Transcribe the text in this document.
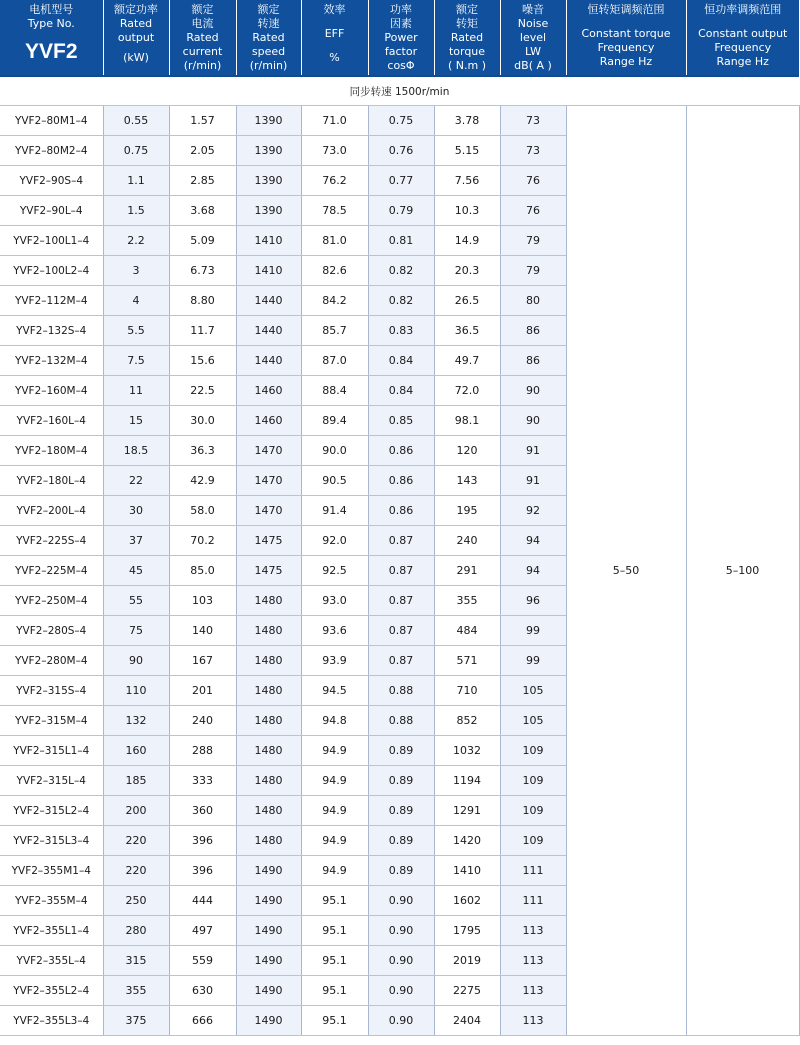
电机型号
Type No.
YVF2	额定功率
Rated
output
(kW)	额定
电流
Rated
current
(r/min)	额定
转速
Rated
speed
(r/min)	效率
EFF
%	功率
因素
Power
factor
cosΦ	额定
转矩
Rated
torque
( N.m )	噪音
Noise
level
LW
dB( A )	恒转矩调频范围
Constant torque
Frequency
Range Hz	恒功率调频范围
Constant output
Frequency
Range Hz

同步转速 1500r/min									
YVF2–80M1–4	0.55	1.57	1390	71.0	0.75	3.78	73	5–50	5–100
YVF2–80M2–4	0.75	2.05	1390	73.0	0.76	5.15	73		
YVF2–90S–4	1.1	2.85	1390	76.2	0.77	7.56	76		
YVF2–90L–4	1.5	3.68	1390	78.5	0.79	10.3	76		
YVF2–100L1–4	2.2	5.09	1410	81.0	0.81	14.9	79		
YVF2–100L2–4	3	6.73	1410	82.6	0.82	20.3	79		
YVF2–112M–4	4	8.80	1440	84.2	0.82	26.5	80		
YVF2–132S–4	5.5	11.7	1440	85.7	0.83	36.5	86		
YVF2–132M–4	7.5	15.6	1440	87.0	0.84	49.7	86		
YVF2–160M–4	11	22.5	1460	88.4	0.84	72.0	90		
YVF2–160L–4	15	30.0	1460	89.4	0.85	98.1	90		
YVF2–180M–4	18.5	36.3	1470	90.0	0.86	120	91		
YVF2–180L–4	22	42.9	1470	90.5	0.86	143	91		
YVF2–200L–4	30	58.0	1470	91.4	0.86	195	92		
YVF2–225S–4	37	70.2	1475	92.0	0.87	240	94		
YVF2–225M–4	45	85.0	1475	92.5	0.87	291	94		
YVF2–250M–4	55	103	1480	93.0	0.87	355	96		
YVF2–280S–4	75	140	1480	93.6	0.87	484	99		
YVF2–280M–4	90	167	1480	93.9	0.87	571	99		
YVF2–315S–4	110	201	1480	94.5	0.88	710	105		
YVF2–315M–4	132	240	1480	94.8	0.88	852	105		
YVF2–315L1–4	160	288	1480	94.9	0.89	1032	109		
YVF2–315L–4	185	333	1480	94.9	0.89	1194	109		
YVF2–315L2–4	200	360	1480	94.9	0.89	1291	109		
YVF2–315L3–4	220	396	1480	94.9	0.89	1420	109		
YVF2–355M1–4	220	396	1490	94.9	0.89	1410	111		
YVF2–355M–4	250	444	1490	95.1	0.90	1602	111		
YVF2–355L1–4	280	497	1490	95.1	0.90	1795	113		
YVF2–355L–4	315	559	1490	95.1	0.90	2019	113		
YVF2–355L2–4	355	630	1490	95.1	0.90	2275	113		
YVF2–355L3–4	375	666	1490	95.1	0.90	2404	113		
